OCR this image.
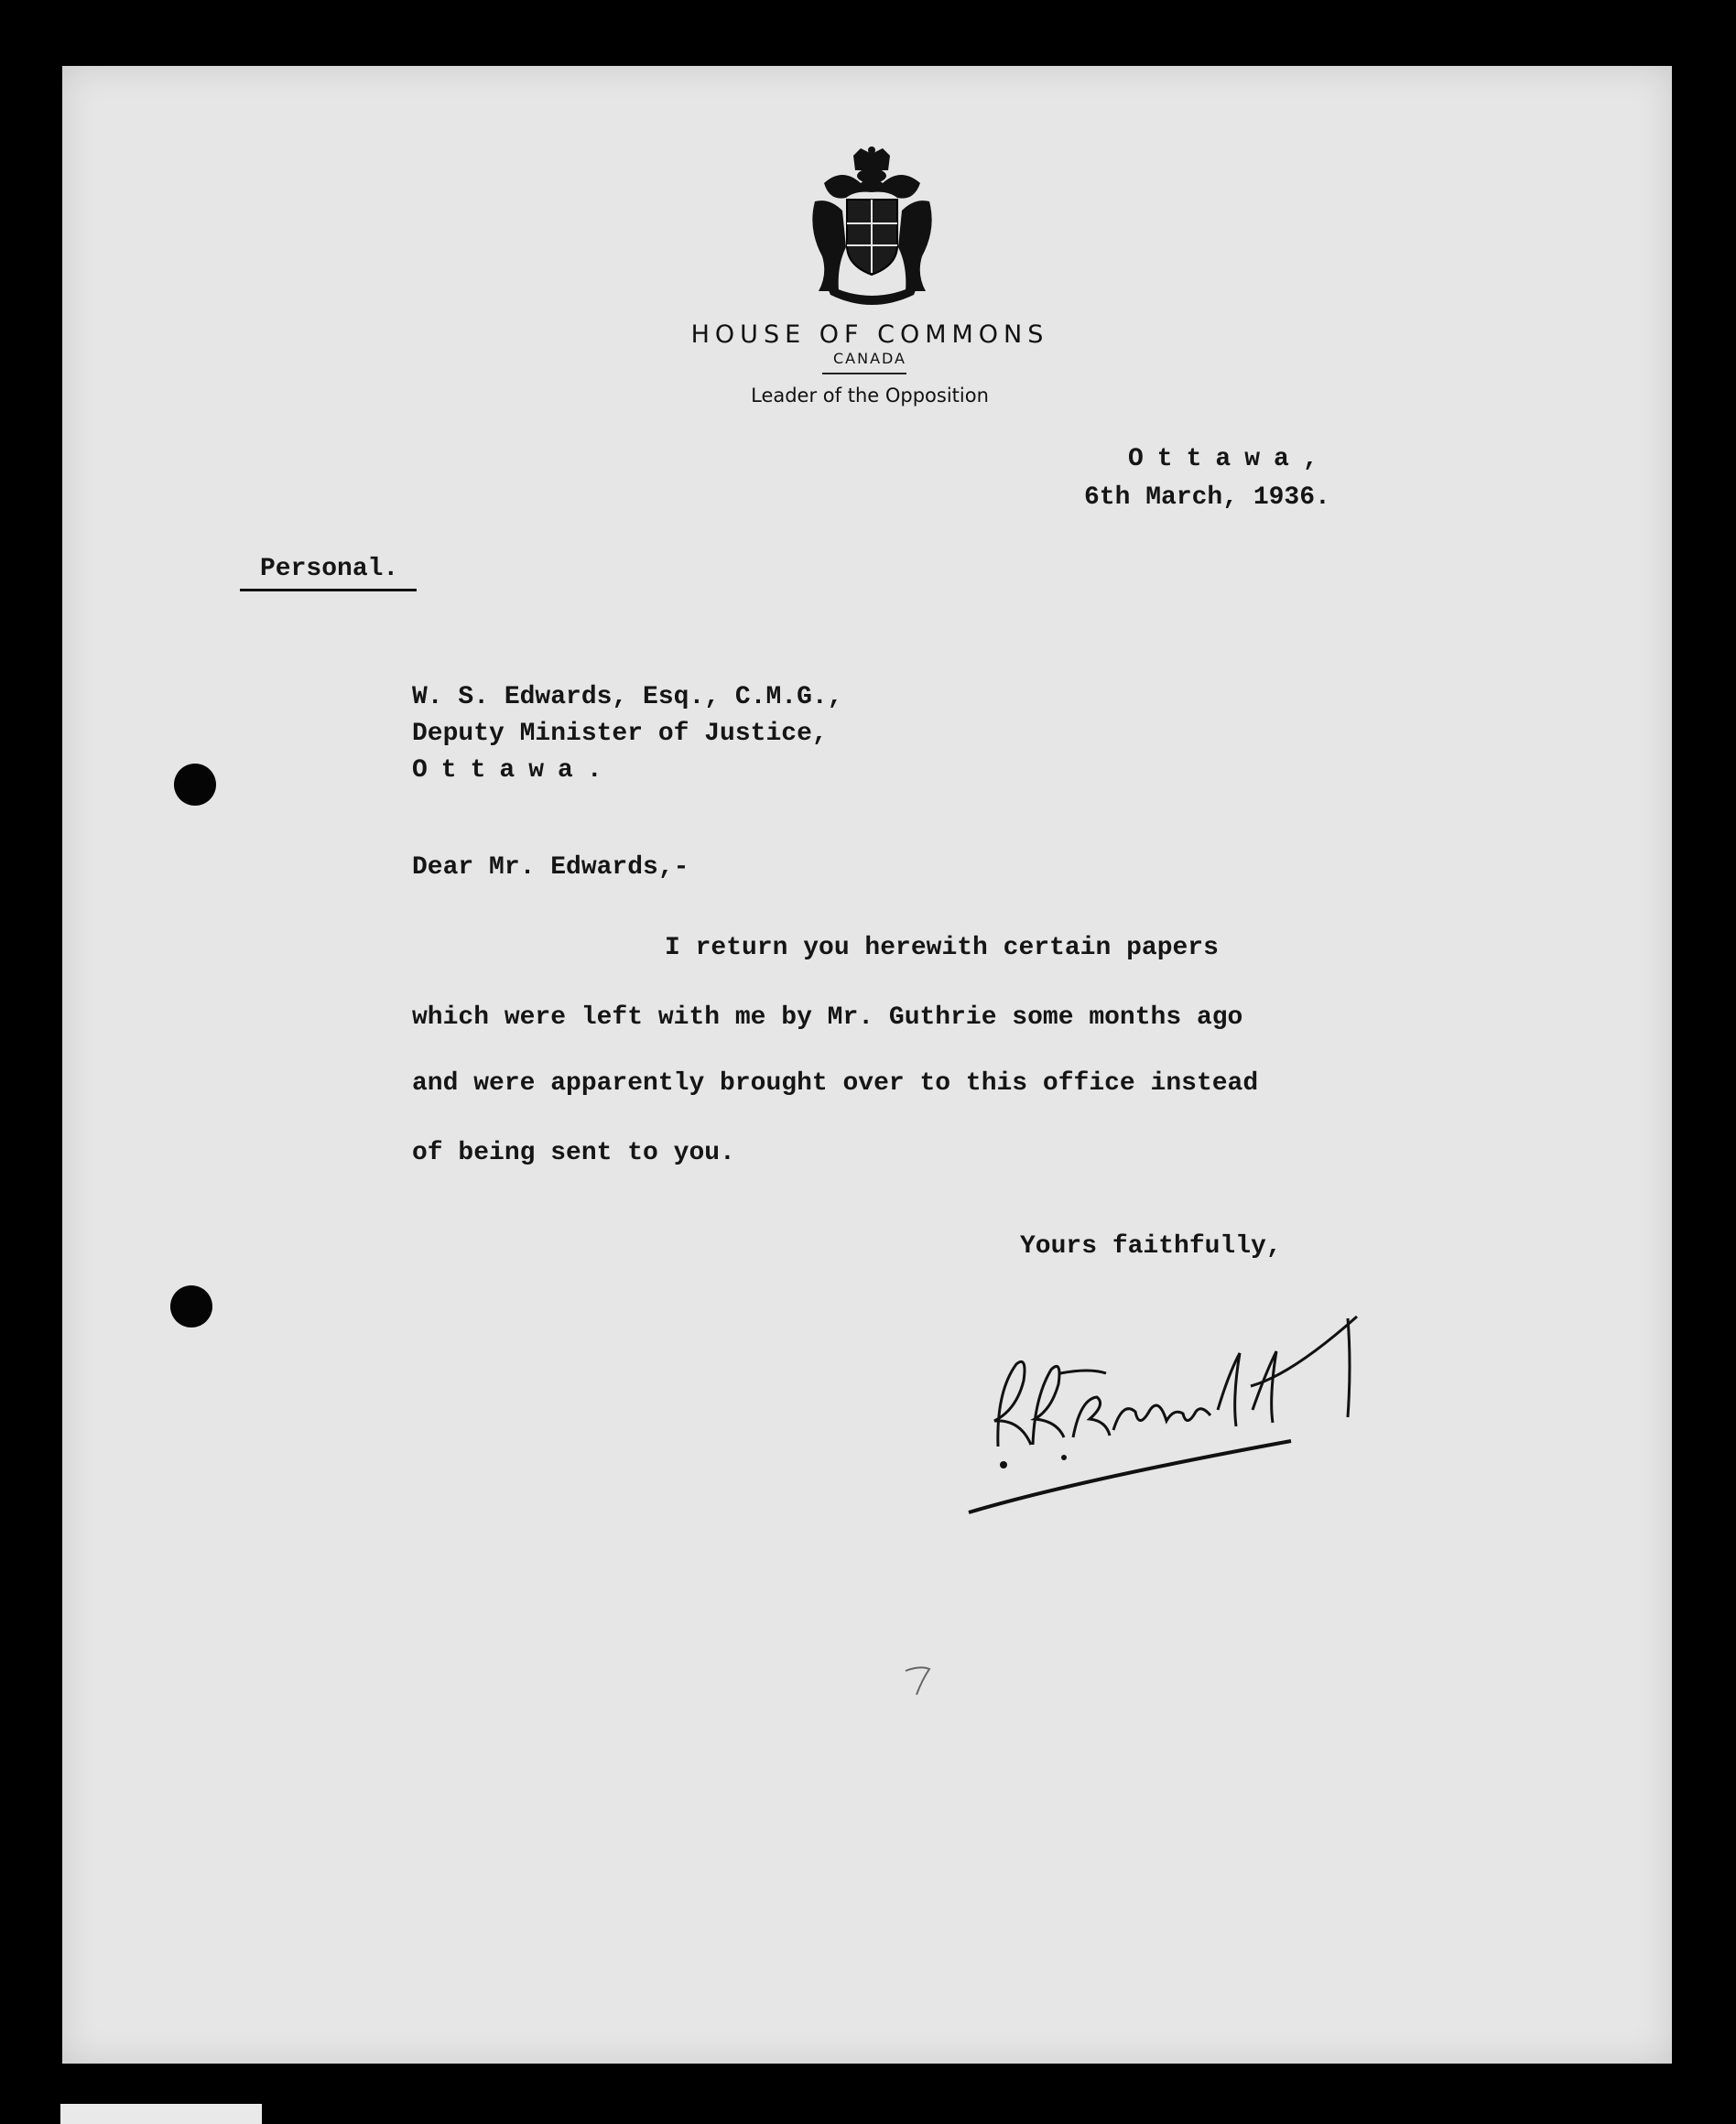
HOUSE OF COMMONS
CANADA
Leader of the Opposition
Ottawa,
6th March, 1936.
Personal.
W. S. Edwards, Esq., C.M.G.,
Deputy Minister of Justice,
Ottawa.
Dear Mr. Edwards,-
I return you herewith certain papers
which were left with me by Mr. Guthrie some months ago
and were apparently brought over to this office instead
of being sent to you.
Yours faithfully,
